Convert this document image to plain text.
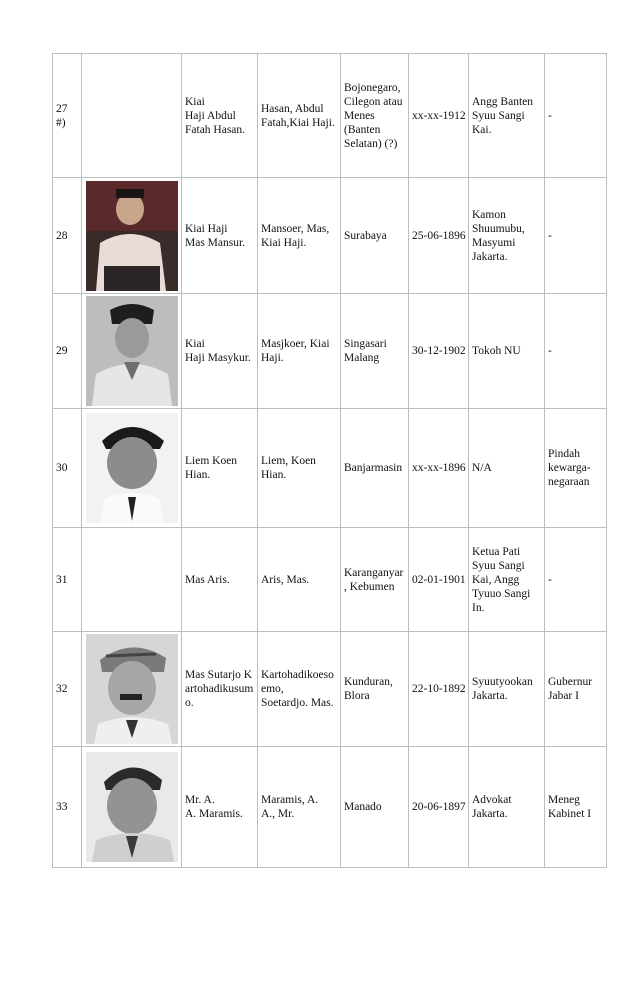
27 #)		Kiai
Haji Abdul
Fatah Hasan.	Hasan, Abdul
Fatah,Kiai Haji.	Bojonegaro,
Cilegon atau
Menes
(Banten
Selatan) (?)	xx-xx-1912	Angg Banten
Syuu Sangi
Kai.	-
28		Kiai Haji
Mas Mansur.	Mansoer, Mas,
Kiai Haji.	Surabaya	25-06-1896	Kamon
Shuumubu,
Masyumi
Jakarta.	-
29		Kiai
Haji Masykur.	Masjkoer, Kiai
Haji.	Singasari
Malang	30-12-1902	Tokoh NU	-
30		Liem Koen
Hian.	Liem, Koen
Hian.	Banjarmasin	xx-xx-1896	N/A	Pindah
kewarga-
negaraan
31		Mas Aris.	Aris, Mas.	Karanganyar
, Kebumen	02-01-1901	Ketua Pati
Syuu Sangi
Kai, Angg
Tyuuo Sangi
In.	-
32		Mas Sutarjo K
artohadikusum
o.	Kartohadikoeso
emo,
Soetardjo. Mas.	Kunduran,
Blora	22-10-1892	Syuutyookan
Jakarta.	Gubernur
Jabar I
33		Mr. A.
A. Maramis.	Maramis, A.
A., Mr.	Manado	20-06-1897	Advokat
Jakarta.	Meneg
Kabinet I
